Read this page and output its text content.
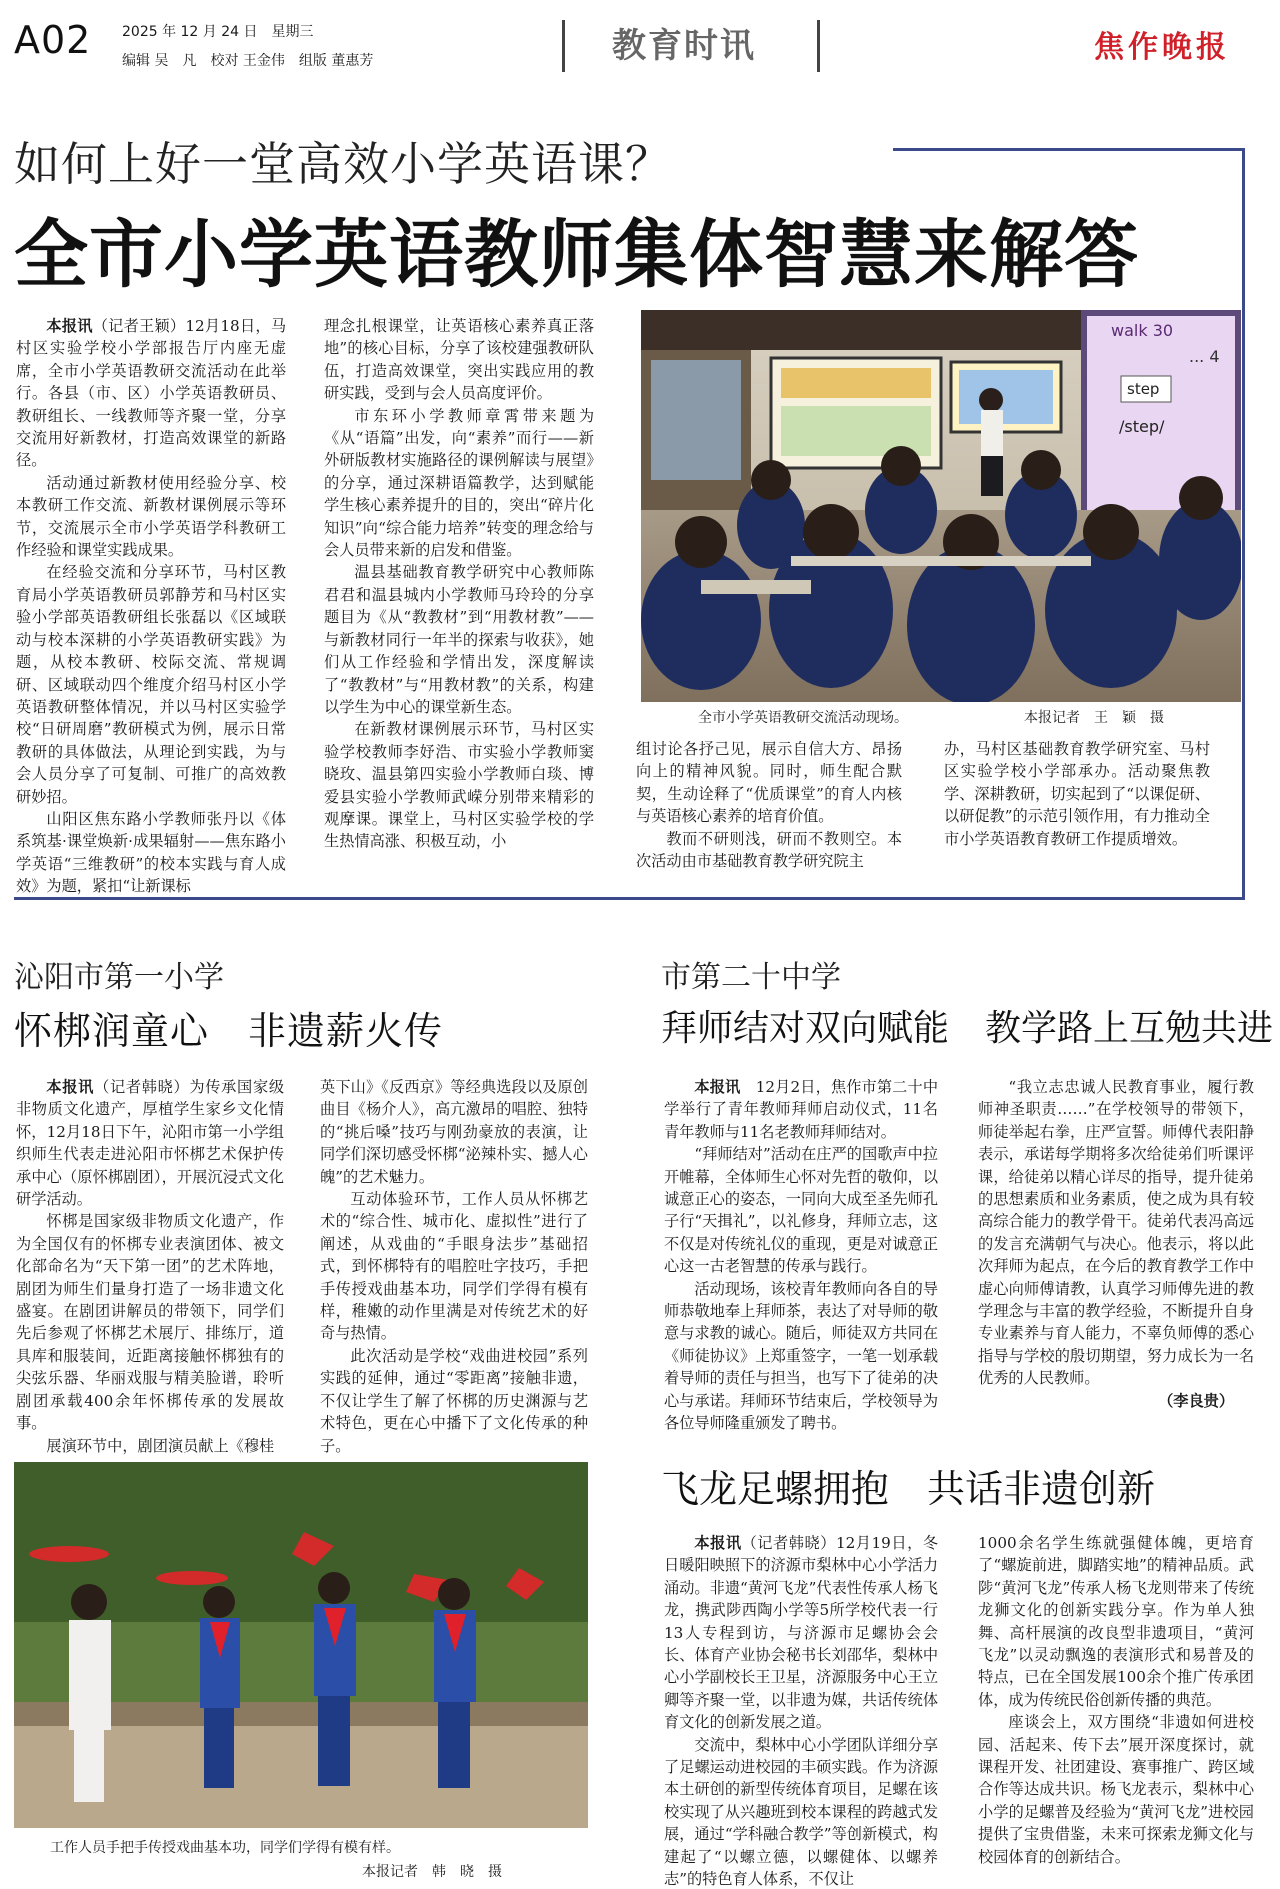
A02 2025 年 12 月 24 日　星期三
编辑 吴　凡　校对 王金伟　组版 董惠芳	教育时讯	焦作晚报
如何上好一堂高效小学英语课？
全市小学英语教师集体智慧来解答

本报讯（记者王颖）12月18日，马村区实验学校小学部报告厅内座无虚席，全市小学英语教研交流活动在此举行。各县（市、区）小学英语教研员、教研组长、一线教师等齐聚一堂，分享交流用好新教材，打造高效课堂的新路径。

活动通过新教材使用经验分享、校本教研工作交流、新教材课例展示等环节，交流展示全市小学英语学科教研工作经验和课堂实践成果。

在经验交流和分享环节，马村区教育局小学英语教研员郭静芳和马村区实验小学部英语教研组长张磊以《区域联动与校本深耕的小学英语教研实践》为题，从校本教研、校际交流、常规调研、区域联动四个维度介绍马村区小学英语教研整体情况，并以马村区实验学校“日研周磨”教研模式为例，展示日常教研的具体做法，从理论到实践，为与会人员分享了可复制、可推广的高效教研妙招。

山阳区焦东路小学教师张丹以《体系筑基·课堂焕新·成果辐射——焦东路小学英语“三维教研”的校本实践与育人成效》为题，紧扣“让新课标

理念扎根课堂，让英语核心素养真正落地”的核心目标，分享了该校建强教研队伍，打造高效课堂，突出实践应用的教研实践，受到与会人员高度评价。

市东环小学教师章霄带来题为《从“语篇”出发，向“素养”而行——新外研版教材实施路径的课例解读与展望》的分享，通过深耕语篇教学，达到赋能学生核心素养提升的目的，突出“碎片化知识”向“综合能力培养”转变的理念给与会人员带来新的启发和借鉴。

温县基础教育教学研究中心教师陈君君和温县城内小学教师马玲玲的分享题目为《从“教教材”到“用教材教”——与新教材同行一年半的探索与收获》，她们从工作经验和学情出发，深度解读了“教教材”与“用教材教”的关系，构建以学生为中心的课堂新生态。

在新教材课例展示环节，马村区实验学校教师李妤浩、市实验小学教师窦晓玫、温县第四实验小学教师白琰、博爱县实验小学教师武嵘分别带来精彩的观摩课。课堂上，马村区实验学校的学生热情高涨、积极互动，小

walk 30
... 4
step
/step/
全市小学英语教研交流活动现场。	本报记者　王　颖　摄

组讨论各抒己见，展示自信大方、昂扬向上的精神风貌。同时，师生配合默契，生动诠释了“优质课堂”的育人内核与英语核心素养的培育价值。

教而不研则浅，研而不教则空。本次活动由市基础教育教学研究院主

办，马村区基础教育教学研究室、马村区实验学校小学部承办。活动聚焦教学、深耕教研，切实起到了“以课促研、以研促教”的示范引领作用，有力推动全市小学英语教育教研工作提质增效。

沁阳市第一小学
怀梆润童心　非遗薪火传

本报讯（记者韩晓）为传承国家级非物质文化遗产，厚植学生家乡文化情怀，12月18日下午，沁阳市第一小学组织师生代表走进沁阳市怀梆艺术保护传承中心（原怀梆剧团），开展沉浸式文化研学活动。

怀梆是国家级非物质文化遗产，作为全国仅有的怀梆专业表演团体、被文化部命名为“天下第一团”的艺术阵地，剧团为师生们量身打造了一场非遗文化盛宴。在剧团讲解员的带领下，同学们先后参观了怀梆艺术展厅、排练厅，道具库和服装间，近距离接触怀梆独有的尖弦乐器、华丽戏服与精美脸谱，聆听剧团承载400余年怀梆传承的发展故事。

展演环节中，剧团演员献上《穆桂

英下山》《反西京》等经典选段以及原创曲目《杨介人》，高亢激昂的唱腔、独特的“挑后嗓”技巧与刚劲豪放的表演，让同学们深切感受怀梆“泌辣朴实、撼人心魄”的艺术魅力。

互动体验环节，工作人员从怀梆艺术的“综合性、城市化、虚拟性”进行了阐述，从戏曲的“手眼身法步”基础招式，到怀梆特有的唱腔吐字技巧，手把手传授戏曲基本功，同学们学得有模有样，稚嫩的动作里满是对传统艺术的好奇与热情。

此次活动是学校“戏曲进校园”系列实践的延伸，通过“零距离”接触非遗，不仅让学生了解了怀梆的历史渊源与艺术特色，更在心中播下了文化传承的种子。

工作人员手把手传授戏曲基本功，同学们学得有模有样。
本报记者　韩　晓　摄
市第二十中学
拜师结对双向赋能　教学路上互勉共进

本报讯　 12月2日，焦作市第二十中学举行了青年教师拜师启动仪式，11名青年教师与11名老教师拜师结对。

“拜师结对”活动在庄严的国歌声中拉开帷幕，全体师生心怀对先哲的敬仰，以诚意正心的姿态，一同向大成至圣先师孔子行“天揖礼”，以礼修身，拜师立志，这不仅是对传统礼仪的重现，更是对诚意正心这一古老智慧的传承与践行。

活动现场，该校青年教师向各自的导师恭敬地奉上拜师茶，表达了对导师的敬意与求教的诚心。随后，师徒双方共同在《师徒协议》上郑重签字，一笔一划承载着导师的责任与担当，也写下了徒弟的决心与承诺。拜师环节结束后，学校领导为各位导师隆重颁发了聘书。

“我立志忠诚人民教育事业，履行教师神圣职责……”在学校领导的带领下，师徒举起右拳，庄严宣誓。师傅代表阳静表示，承诺每学期将多次给徒弟们听课评课，给徒弟以精心详尽的指导，提升徒弟的思想素质和业务素质，使之成为具有较高综合能力的教学骨干。徒弟代表冯高远的发言充满朝气与决心。他表示，将以此次拜师为起点，在今后的教育教学工作中虚心向师傅请教，认真学习师傅先进的教学理念与丰富的教学经验，不断提升自身专业素养与育人能力，不辜负师傅的悉心指导与学校的殷切期望，努力成长为一名优秀的人民教师。

（李良贵）

飞龙足螺拥抱　共话非遗创新

本报讯（记者韩晓）12月19日，冬日暖阳映照下的济源市梨林中心小学活力涌动。非遗“黄河飞龙”代表性传承人杨飞龙，携武陟西陶小学等5所学校代表一行13人专程到访，与济源市足螺协会会长、体育产业协会秘书长刘邵华，梨林中心小学副校长王卫星，济源服务中心王立卿等齐聚一堂，以非遗为媒，共话传统体育文化的创新发展之道。

交流中，梨林中心小学团队详细分享了足螺运动进校园的丰硕实践。作为济源本土研创的新型传统体育项目，足螺在该校实现了从兴趣班到校本课程的跨越式发展，通过“学科融合教学”等创新模式，构建起了“以螺立德，以螺健体、以螺养志”的特色育人体系，不仅让

1000余名学生练就强健体魄，更培育了“螺旋前进，脚踏实地”的精神品质。武陟“黄河飞龙”传承人杨飞龙则带来了传统龙狮文化的创新实践分享。作为单人独舞、高杆展演的改良型非遗项目，“黄河飞龙”以灵动飘逸的表演形式和易普及的特点，已在全国发展100余个推广传承团体，成为传统民俗创新传播的典范。

座谈会上，双方围绕“非遗如何进校园、活起来、传下去”展开深度探讨，就课程开发、社团建设、赛事推广、跨区域合作等达成共识。杨飞龙表示，梨林中心小学的足螺普及经验为“黄河飞龙”进校园提供了宝贵借鉴，未来可探索龙狮文化与校园体育的创新结合。
